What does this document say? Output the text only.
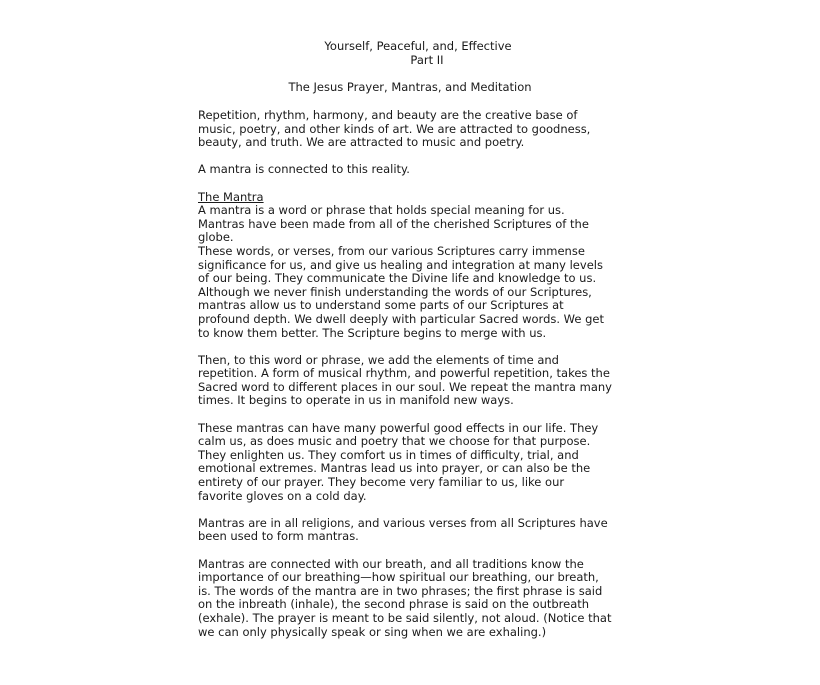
Yourself, Peaceful, and, Effective
Part II
The Jesus Prayer, Mantras, and Meditation

Repetition, rhythm, harmony, and beauty are the creative base of
music, poetry, and other kinds of art. We are attracted to goodness,
beauty, and truth. We are attracted to music and poetry.

A mantra is connected to this reality.

The Mantra

A mantra is a word or phrase that holds special meaning for us.
Mantras have been made from all of the cherished Scriptures of the
globe.
These words, or verses, from our various Scriptures carry immense
significance for us, and give us healing and integration at many levels
of our being. They communicate the Divine life and knowledge to us.
Although we never finish understanding the words of our Scriptures,
mantras allow us to understand some parts of our Scriptures at
profound depth. We dwell deeply with particular Sacred words. We get
to know them better. The Scripture begins to merge with us.

Then, to this word or phrase, we add the elements of time and
repetition. A form of musical rhythm, and powerful repetition, takes the
Sacred word to different places in our soul. We repeat the mantra many
times. It begins to operate in us in manifold new ways.

These mantras can have many powerful good effects in our life. They
calm us, as does music and poetry that we choose for that purpose.
They enlighten us. They comfort us in times of difficulty, trial, and
emotional extremes. Mantras lead us into prayer, or can also be the
entirety of our prayer. They become very familiar to us, like our
favorite gloves on a cold day.

Mantras are in all religions, and various verses from all Scriptures have
been used to form mantras.

Mantras are connected with our breath, and all traditions know the
importance of our breathing—how spiritual our breathing, our breath,
is. The words of the mantra are in two phrases; the first phrase is said
on the inbreath (inhale), the second phrase is said on the outbreath
(exhale). The prayer is meant to be said silently, not aloud. (Notice that
we can only physically speak or sing when we are exhaling.)
